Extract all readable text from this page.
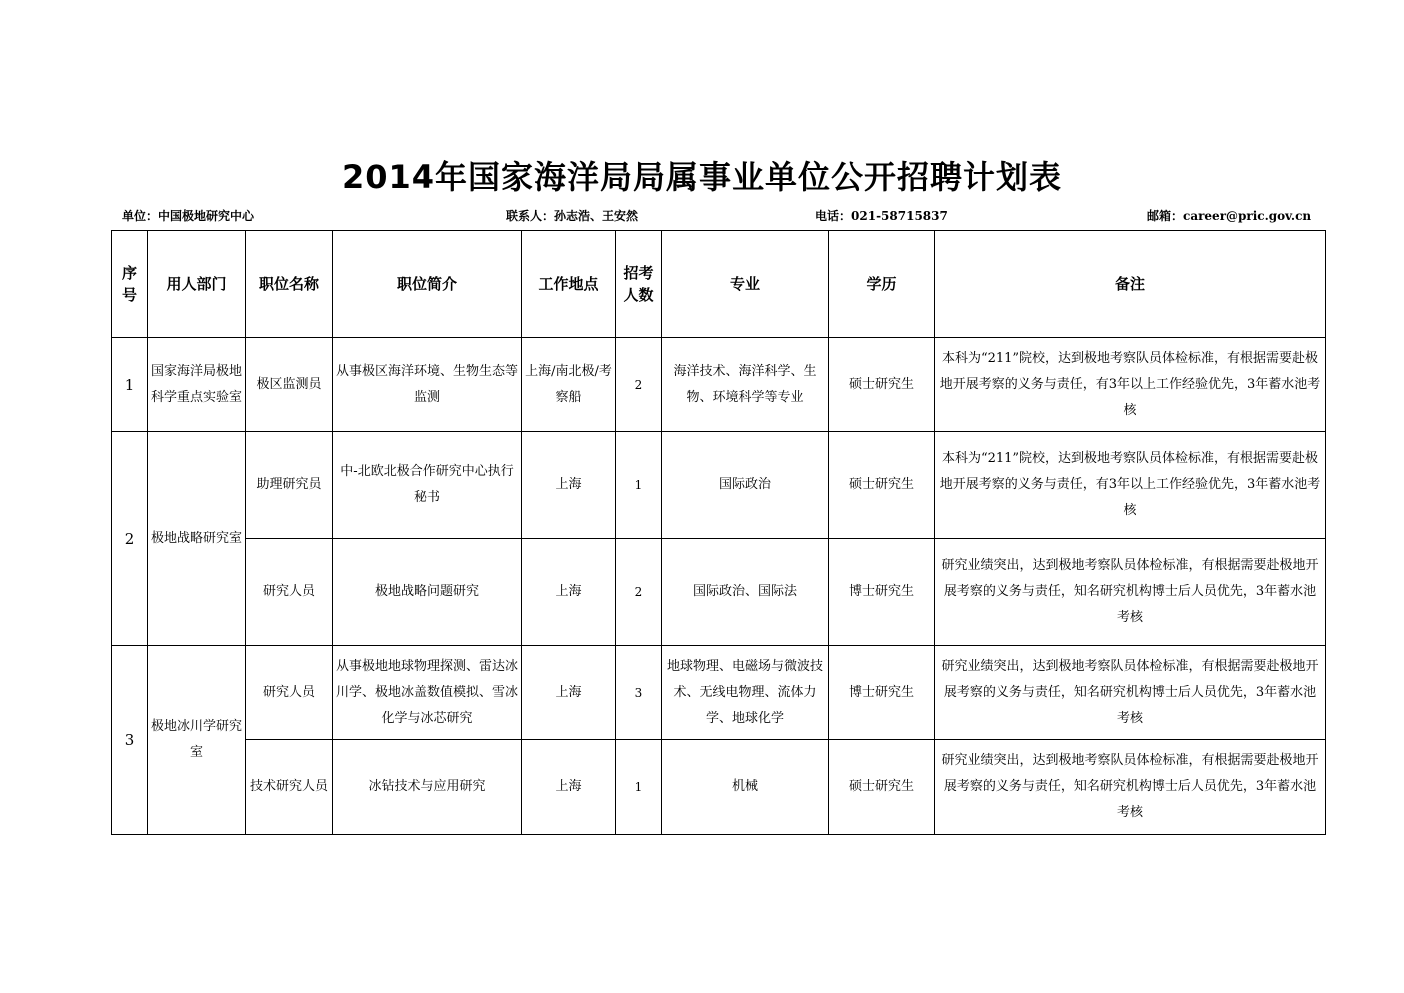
2014年国家海洋局局属事业单位公开招聘计划表
单位：中国极地研究中心	联系人：孙志浩、王安然	电话：021-58715837	邮箱：career@pric.gov.cn
序号	用人部门	职位名称	职位简介	工作地点	招考人数	专业	学历	备注
1	国家海洋局极地科学重点实验室	极区监测员	从事极区海洋环境、生物生态等监测	上海/南北极/考察船	2	海洋技术、海洋科学、生物、环境科学等专业	硕士研究生	本科为“211”院校，达到极地考察队员体检标准，有根据需要赴极地开展考察的义务与责任，有3年以上工作经验优先，3年蓄水池考核
2	极地战略研究室	助理研究员	中-北欧北极合作研究中心执行秘书	上海	1	国际政治	硕士研究生	本科为“211”院校，达到极地考察队员体检标准，有根据需要赴极地开展考察的义务与责任，有3年以上工作经验优先，3年蓄水池考核
		研究人员	极地战略问题研究	上海	2	国际政治、国际法	博士研究生	研究业绩突出，达到极地考察队员体检标准，有根据需要赴极地开展考察的义务与责任，知名研究机构博士后人员优先，3年蓄水池考核
3	极地冰川学研究室	研究人员	从事极地地球物理探测、雷达冰川学、极地冰盖数值模拟、雪冰化学与冰芯研究	上海	3	地球物理、电磁场与微波技术、无线电物理、流体力学、地球化学	博士研究生	研究业绩突出，达到极地考察队员体检标准，有根据需要赴极地开展考察的义务与责任，知名研究机构博士后人员优先，3年蓄水池考核
		技术研究人员	冰钻技术与应用研究	上海	1	机械	硕士研究生	研究业绩突出，达到极地考察队员体检标准，有根据需要赴极地开展考察的义务与责任，知名研究机构博士后人员优先，3年蓄水池考核
